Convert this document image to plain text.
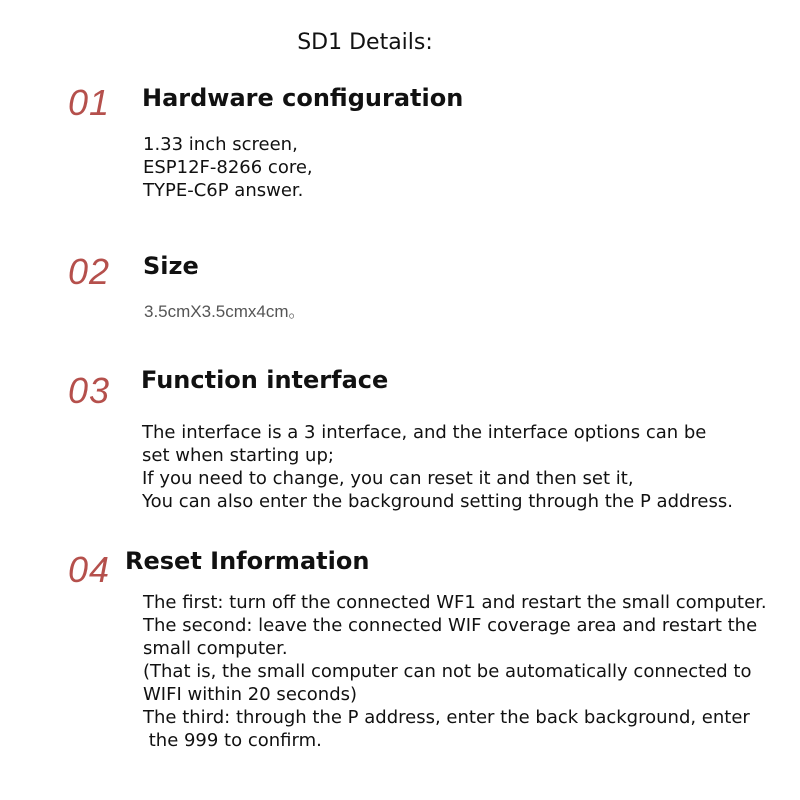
SD1 Details:
01 Hardware configuration
1.33 inch screen,
ESP12F-8266 core,
TYPE-C6P answer.
02 Size
3.5cmX3.5cmx4cm。
03 Function interface
The interface is a 3 interface, and the interface options can be
set when starting up;
If you need to change, you can reset it and then set it,
You can also enter the background setting through the P address.
04 Reset Information
The first: turn off the connected WF1 and restart the small computer.
The second: leave the connected WIF coverage area and restart the
small computer.
(That is, the small computer can not be automatically connected to
WIFI within 20 seconds)
The third: through the P address, enter the back background, enter
the 999 to confirm.
